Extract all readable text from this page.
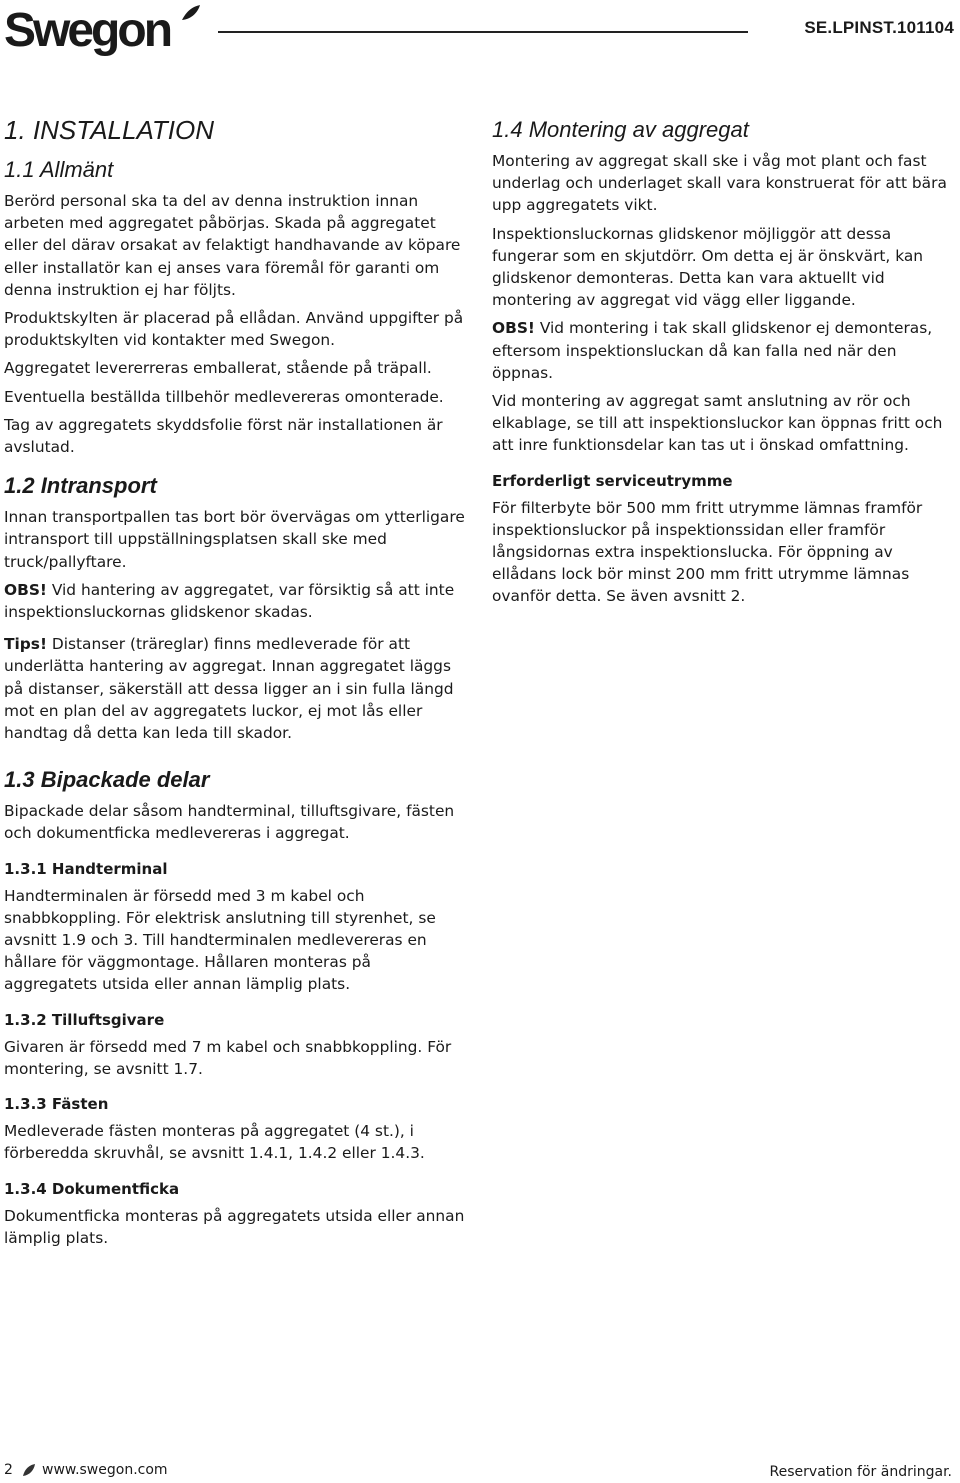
Swegon	SE.LPINST.101104
1. INSTALLATION
1.1 Allmänt

Berörd personal ska ta del av denna instruktion innan arbeten med aggregatet påbörjas. Skada på aggregatet eller del därav orsakat av felaktigt handhavande av köpare eller installatör kan ej anses vara föremål för garanti om denna instruktion ej har följts.

Produktskylten är placerad på ellådan. Använd uppgifter på produktskylten vid kontakter med Swegon.

Aggregatet levererreras emballerat, stående på träpall.

Eventuella beställda tillbehör medlevereras omonterade.

Tag av aggregatets skyddsfolie först när installationen är avslutad.

1.2 Intransport

Innan transportpallen tas bort bör övervägas om ytterligare intransport till uppställningsplatsen skall ske med truck/pallyftare.

OBS! Vid hantering av aggregatet, var försiktig så att inte inspektionsluckornas glidskenor skadas.

Tips! Distanser (träreglar) finns medleverade för att underlätta hantering av aggregat. Innan aggregatet läggs på distanser, säkerställ att dessa ligger an i sin fulla längd mot en plan del av aggregatets luckor, ej mot lås eller handtag då detta kan leda till skador.

1.3 Bipackade delar

Bipackade delar såsom handterminal, tilluftsgivare, fästen och dokumentficka medlevereras i aggregat.

1.3.1 Handterminal

Handterminalen är försedd med 3 m kabel och snabbkoppling. För elektrisk anslutning till styrenhet, se avsnitt 1.9 och 3. Till handterminalen medlevereras en hållare för väggmontage. Hållaren monteras på aggregatets utsida eller annan lämplig plats.

1.3.2 Tilluftsgivare

Givaren är försedd med 7 m kabel och snabbkoppling. För montering, se avsnitt 1.7.

1.3.3 Fästen

Medleverade fästen monteras på aggregatet (4 st.), i förberedda skruvhål, se avsnitt 1.4.1, 1.4.2 eller 1.4.3.

1.3.4 Dokumentficka

Dokumentficka monteras på aggregatets utsida eller annan lämplig plats.

1.4 Montering av aggregat

Montering av aggregat skall ske i våg mot plant och fast underlag och underlaget skall vara konstruerat för att bära upp aggregatets vikt.

Inspektionsluckornas glidskenor möjliggör att dessa fungerar som en skjutdörr. Om detta ej är önskvärt, kan glidskenor demonteras. Detta kan vara aktuellt vid montering av aggregat vid vägg eller liggande.

OBS! Vid montering i tak skall glidskenor ej demonteras, eftersom inspektionsluckan då kan falla ned när den öppnas.

Vid montering av aggregat samt anslutning av rör och elkablage, se till att inspektionsluckor kan öppnas fritt och att inre funktionsdelar kan tas ut i önskad omfattning.

Erforderligt serviceutrymme

För filterbyte bör 500 mm fritt utrymme lämnas framför inspektionsluckor på inspektionssidan eller framför långsidornas extra inspektionslucka. För öppning av ellådans lock bör minst 200 mm fritt utrymme lämnas ovanför detta. Se även avsnitt 2.

2 www.swegon.com	Reservation för ändringar.
